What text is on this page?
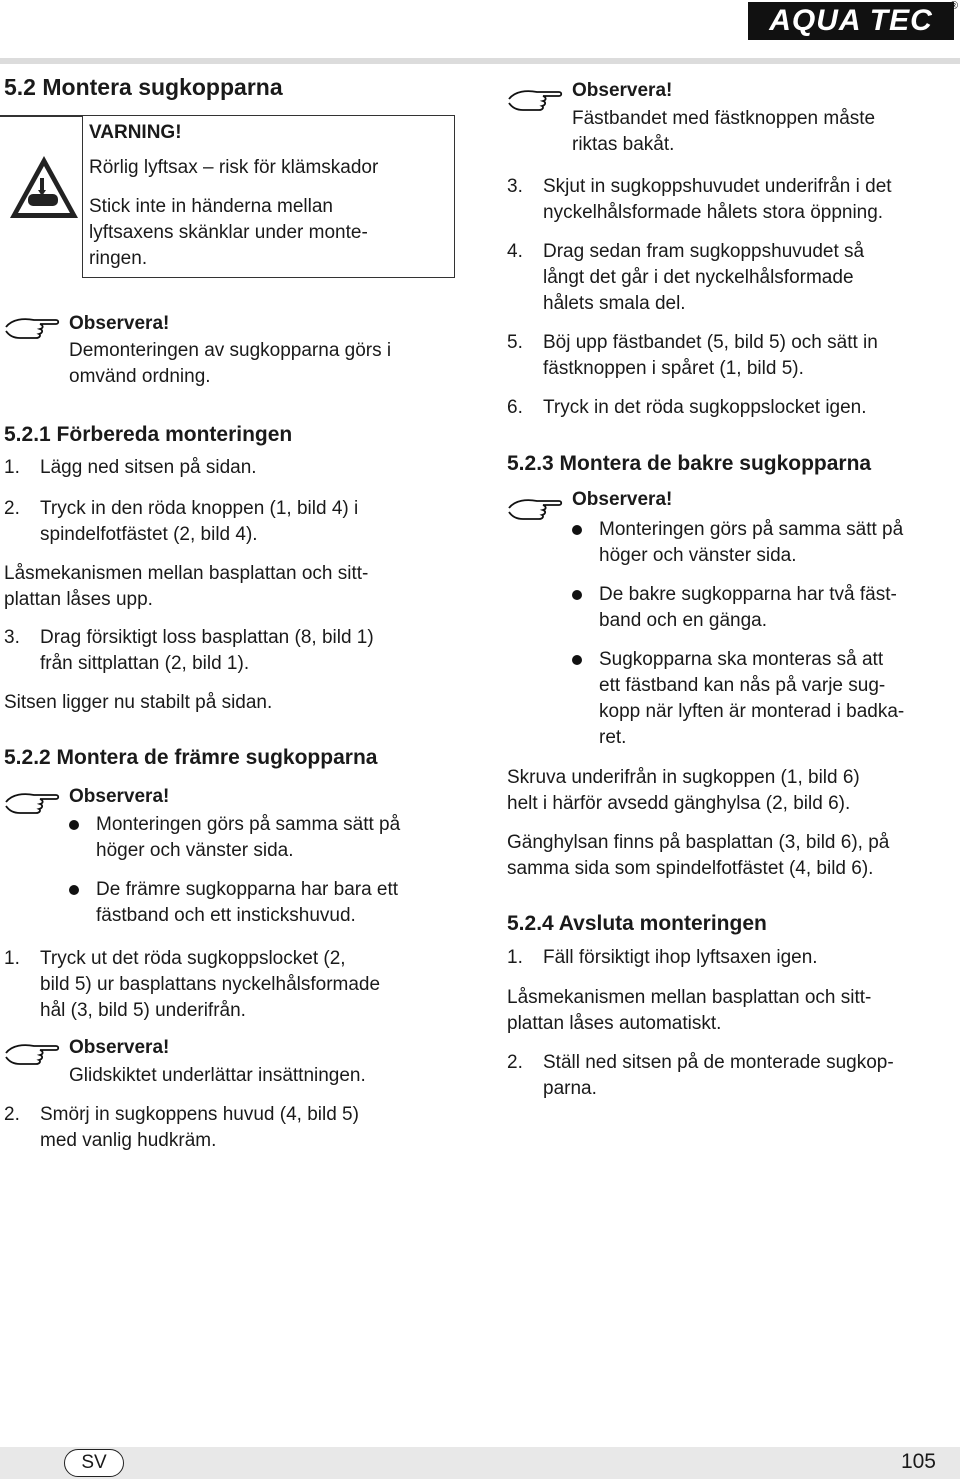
AQUA TEC	®
5.2 Montera sugkopparna
VARNING!
Rörlig lyftsax – risk för klämskador
Stick inte in händerna mellan
lyftsaxens skänklar under monte-
ringen.
Observera!
Demonteringen av sugkopparna görs i
omvänd ordning.
5.2.1 Förbereda monteringen
1. Lägg ned sitsen på sidan.
2. Tryck in den röda knoppen (1, bild 4) i
spindelfotfästet (2, bild 4).
Låsmekanismen mellan basplattan och sitt-
plattan låses upp.
3. Drag försiktigt loss basplattan (8, bild 1)
från sittplattan (2, bild 1).
Sitsen ligger nu stabilt på sidan.
5.2.2 Montera de främre sugkopparna
Observera!
Monteringen görs på samma sätt på
höger och vänster sida.
De främre sugkopparna har bara ett
fästband och ett instickshuvud.
1. Tryck ut det röda sugkoppslocket (2,
bild 5) ur basplattans nyckelhålsformade
hål (3, bild 5) underifrån.
Observera!
Glidskiktet underlättar insättningen.
2. Smörj in sugkoppens huvud (4, bild 5)
med vanlig hudkräm.
Observera!
Fästbandet med fästknoppen måste
riktas bakåt.
3. Skjut in sugkoppshuvudet underifrån i det
nyckelhålsformade hålets stora öppning.
4. Drag sedan fram sugkoppshuvudet så
långt det går i det nyckelhålsformade
hålets smala del.
5. Böj upp fästbandet (5, bild 5) och sätt in
fästknoppen i spåret (1, bild 5).
6. Tryck in det röda sugkoppslocket igen.
5.2.3 Montera de bakre sugkopparna
Observera!
Monteringen görs på samma sätt på
höger och vänster sida.
De bakre sugkopparna har två fäst-
band och en gänga.
Sugkopparna ska monteras så att
ett fästband kan nås på varje sug-
kopp när lyften är monterad i badka-
ret.
Skruva underifrån in sugkoppen (1, bild 6)
helt i härför avsedd gänghylsa (2, bild 6).
Gänghylsan finns på basplattan (3, bild 6), på
samma sida som spindelfotfästet (4, bild 6).
5.2.4 Avsluta monteringen
1. Fäll försiktigt ihop lyftsaxen igen.
Låsmekanismen mellan basplattan och sitt-
plattan låses automatiskt.
2. Ställ ned sitsen på de monterade sugkop-
parna.
SV	105
